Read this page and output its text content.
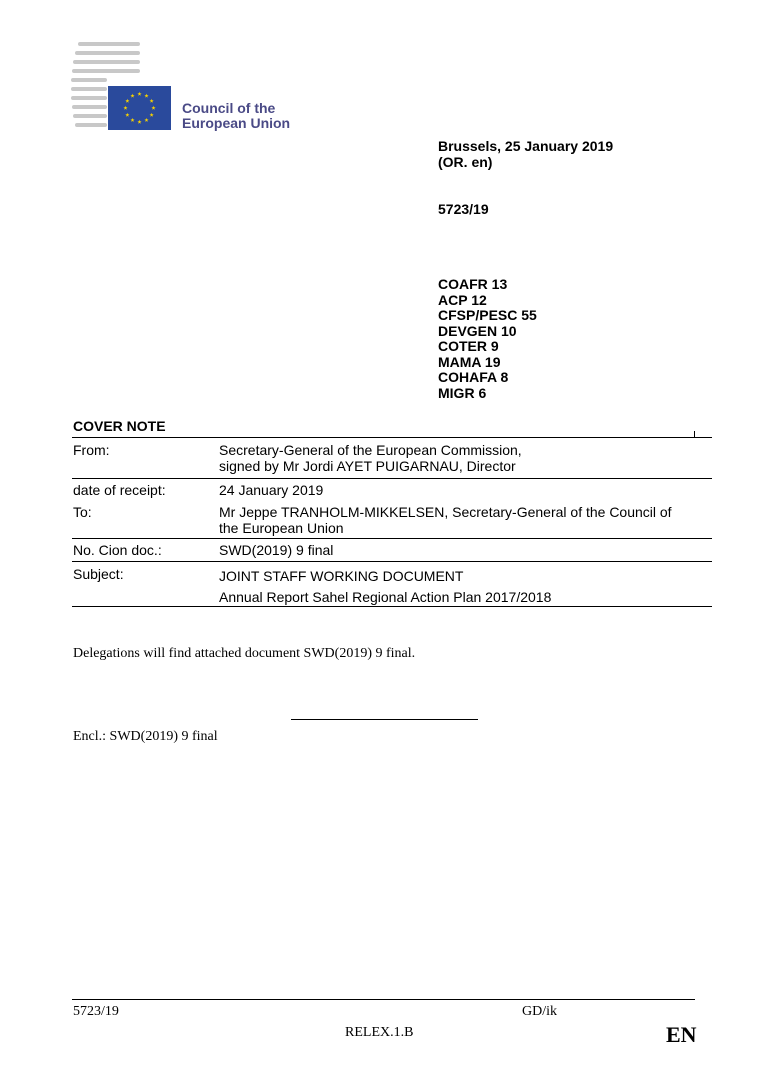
Council of the
European Union
Brussels, 25 January 2019
(OR. en)
5723/19
COAFR 13
ACP 12
CFSP/PESC 55
DEVGEN 10
COTER 9
MAMA 19
COHAFA 8
MIGR 6
COVER NOTE
From:	Secretary-General of the European Commission,
signed by Mr Jordi AYET PUIGARNAU, Director
date of receipt:	24 January 2019
To:	Mr Jeppe TRANHOLM-MIKKELSEN, Secretary-General of the Council of
the European Union
No. Cion doc.:	SWD(2019) 9 final
Subject:	JOINT STAFF WORKING DOCUMENT
Annual Report Sahel Regional Action Plan 2017/2018
Delegations will find attached document SWD(2019) 9 final.
Encl.: SWD(2019) 9 final
5723/19	GD/ik
RELEX.1.B	EN
